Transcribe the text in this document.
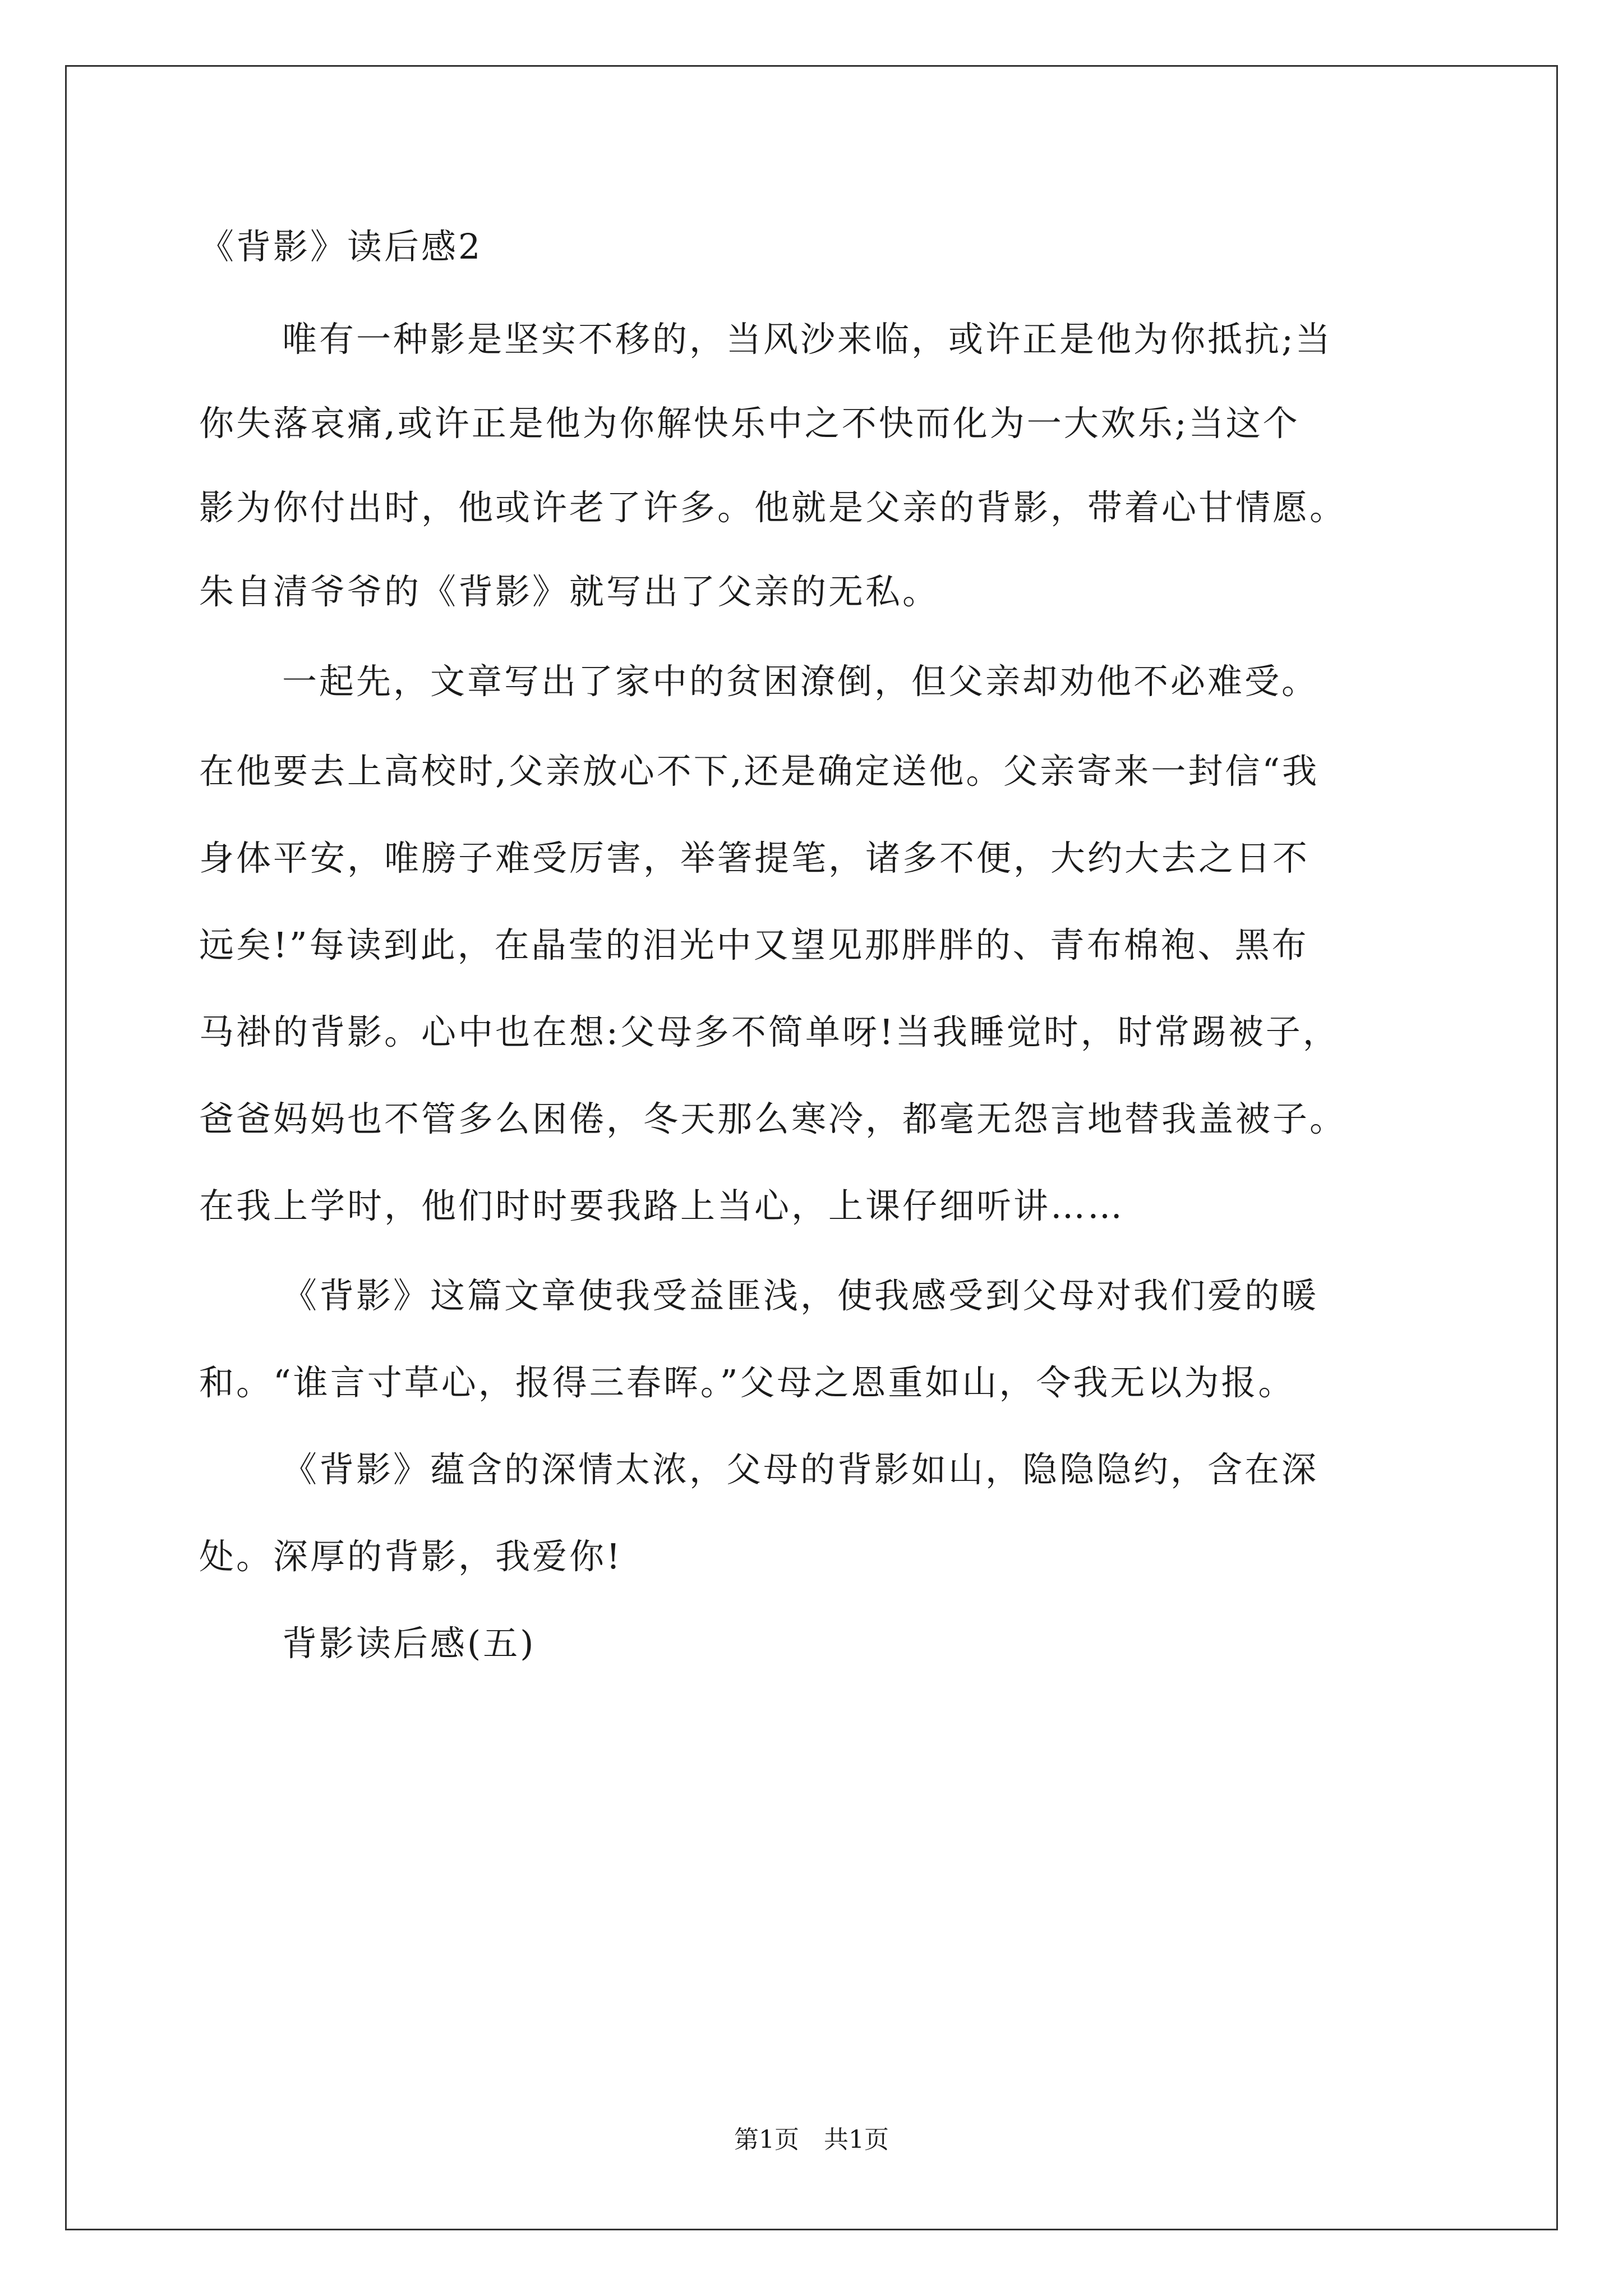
《背影》读后感2
唯有一种影是坚实不移的，当风沙来临，或许正是他为你抵抗;当
你失落哀痛,或许正是他为你解快乐中之不快而化为一大欢乐;当这个
影为你付出时，他或许老了许多。他就是父亲的背影，带着心甘情愿。
朱自清爷爷的《背影》就写出了父亲的无私。
一起先，文章写出了家中的贫困潦倒，但父亲却劝他不必难受。
在他要去上高校时,父亲放心不下,还是确定送他。父亲寄来一封信“我
身体平安，唯膀子难受厉害，举箸提笔，诸多不便，大约大去之日不
远矣!”每读到此，在晶莹的泪光中又望见那胖胖的、青布棉袍、黑布
马褂的背影。心中也在想:父母多不简单呀!当我睡觉时，时常踢被子，
爸爸妈妈也不管多么困倦，冬天那么寒冷，都毫无怨言地替我盖被子。
在我上学时，他们时时要我路上当心，上课仔细听讲……
《背影》这篇文章使我受益匪浅，使我感受到父母对我们爱的暖
和。“谁言寸草心，报得三春晖。”父母之恩重如山，令我无以为报。
《背影》蕴含的深情太浓，父母的背影如山，隐隐隐约，含在深
处。深厚的背影，我爱你!
背影读后感(五)
第1页　共1页
